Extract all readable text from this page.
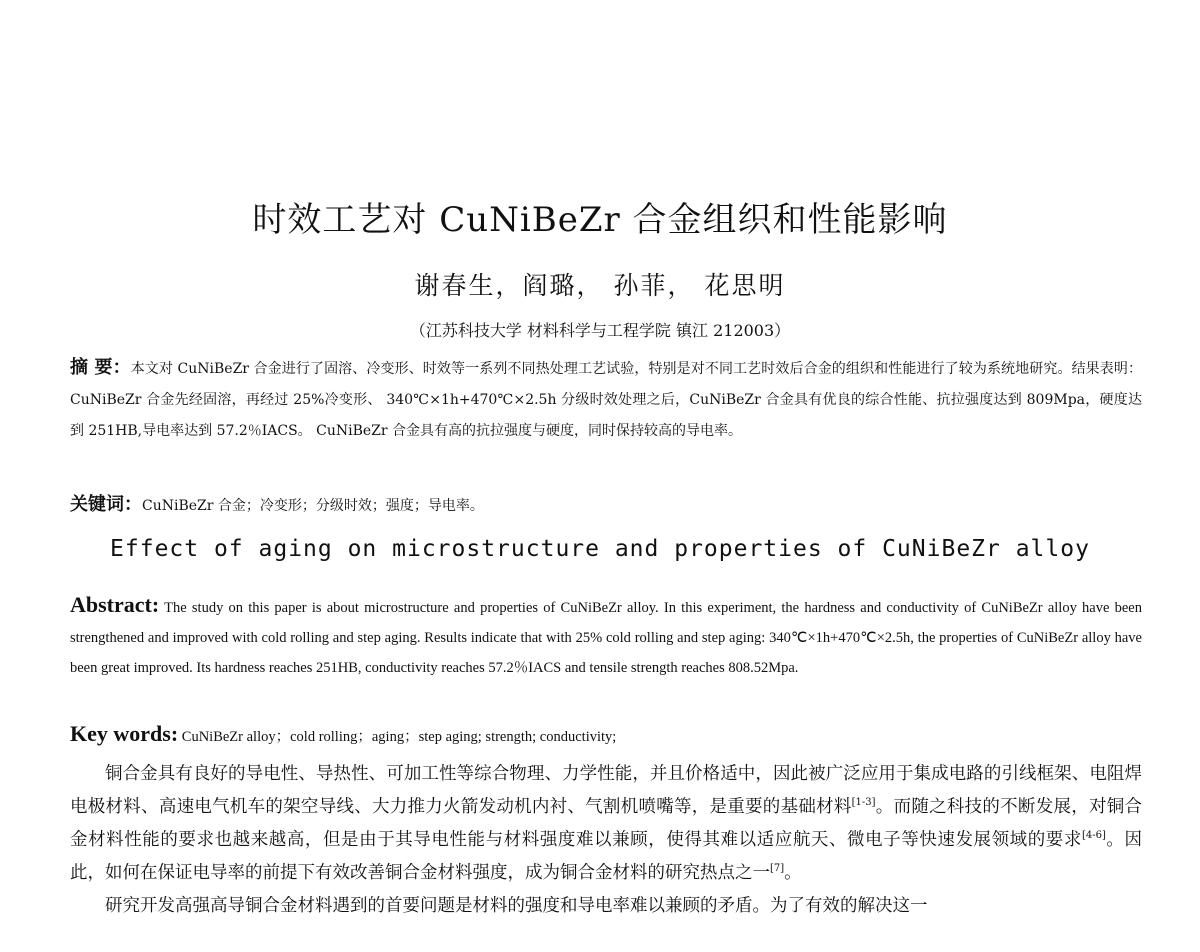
时效工艺对 CuNiBeZr 合金组织和性能影响
谢春生，阎璐， 孙菲， 花思明
（江苏科技大学 材料科学与工程学院 镇江 212003）
摘 要：本文对 CuNiBeZr 合金进行了固溶、冷变形、时效等一系列不同热处理工艺试验，特别是对不同工艺时效后合金的组织和性能进行了较为系统地研究。结果表明：CuNiBeZr 合金先经固溶，再经过 25%冷变形、 340℃×1h+470℃×2.5h 分级时效处理之后，CuNiBeZr 合金具有优良的综合性能、抗拉强度达到 809Mpa，硬度达到 251HB,导电率达到 57.2％IACS。 CuNiBeZr 合金具有高的抗拉强度与硬度，同时保持较高的导电率。
关键词：CuNiBeZr 合金；冷变形；分级时效；强度；导电率。
Effect of aging on microstructure and properties of CuNiBeZr alloy
Abstract: The study on this paper is about microstructure and properties of CuNiBeZr alloy. In this experiment, the hardness and conductivity of CuNiBeZr alloy have been strengthened and improved with cold rolling and step aging. Results indicate that with 25% cold rolling and step aging: 340℃×1h+470℃×2.5h, the properties of CuNiBeZr alloy have been great improved. Its hardness reaches 251HB, conductivity reaches 57.2％IACS and tensile strength reaches 808.52Mpa.
Key words: CuNiBeZr alloy；cold rolling；aging；step aging; strength; conductivity;

铜合金具有良好的导电性、导热性、可加工性等综合物理、力学性能，并且价格适中，因此被广泛应用于集成电路的引线框架、电阻焊电极材料、高速电气机车的架空导线、大力推力火箭发动机内衬、气割机喷嘴等，是重要的基础材料[1-3]。而随之科技的不断发展，对铜合金材料性能的要求也越来越高，但是由于其导电性能与材料强度难以兼顾，使得其难以适应航天、微电子等快速发展领域的要求[4-6]。因此，如何在保证电导率的前提下有效改善铜合金材料强度，成为铜合金材料的研究热点之一[7]。

研究开发高强高导铜合金材料遇到的首要问题是材料的强度和导电率难以兼顾的矛盾。为了有效的解决这一
